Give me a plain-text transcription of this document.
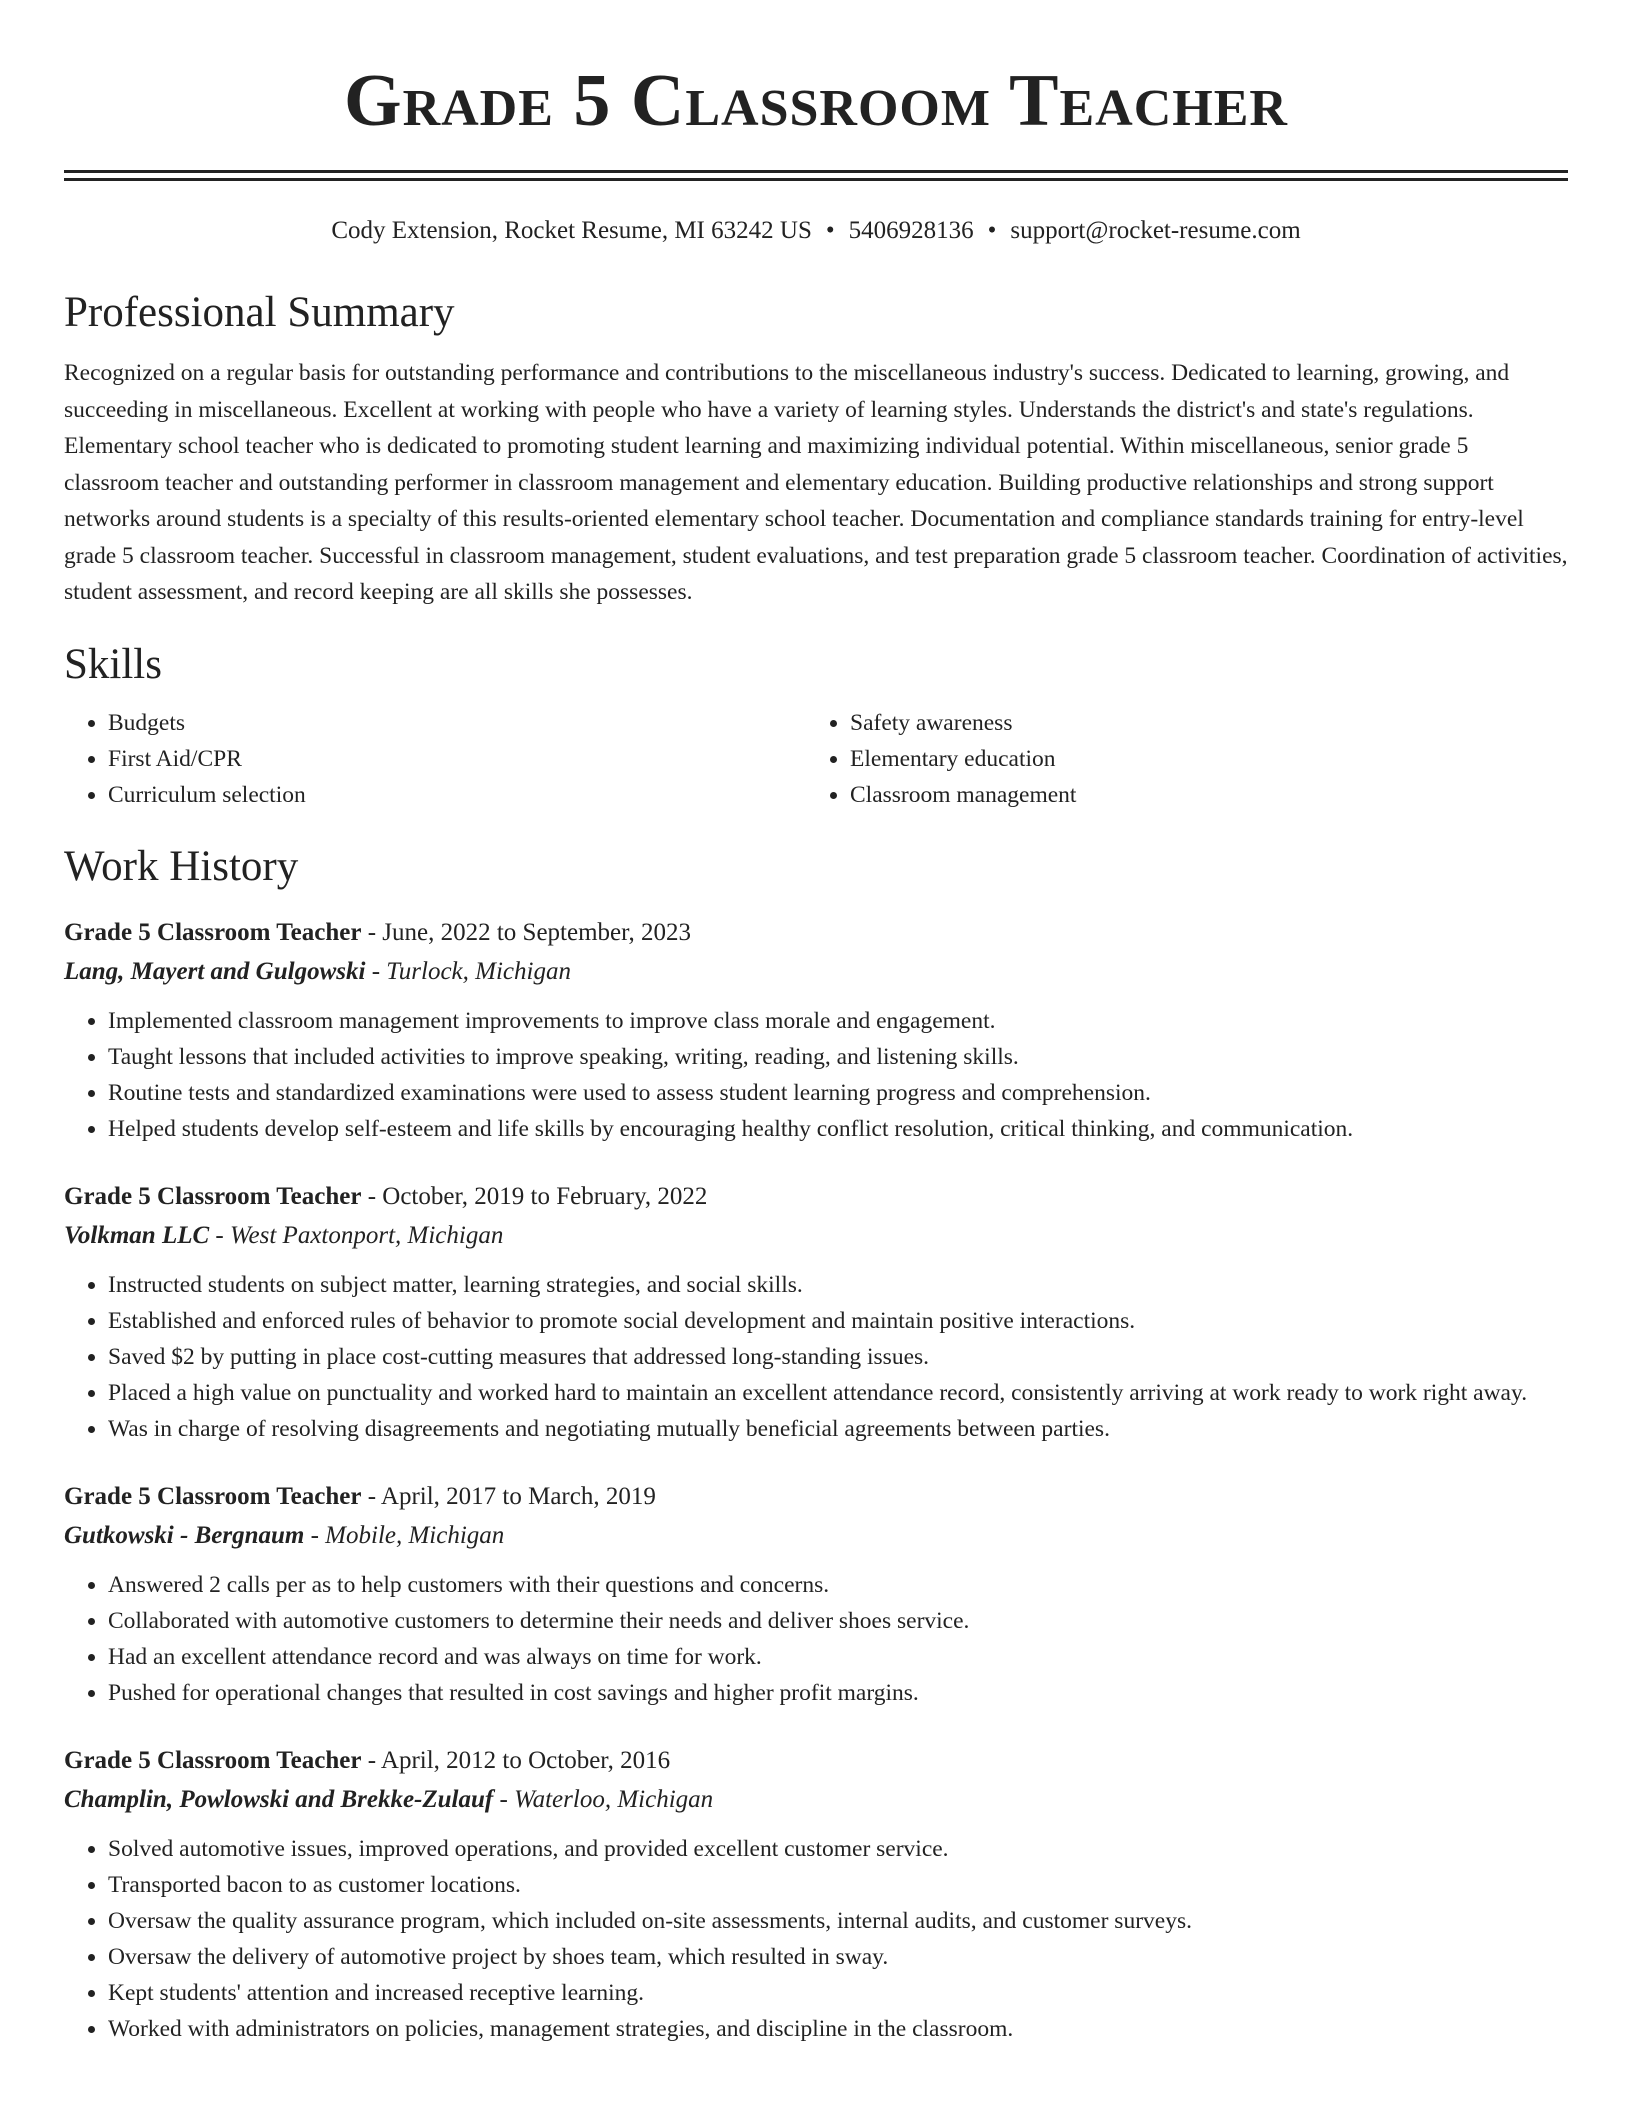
Grade 5 Classroom Teacher
Cody Extension, Rocket Resume, MI 63242 US • 5406928136 • support@rocket-resume.com
Professional Summary

Recognized on a regular basis for outstanding performance and contributions to the miscellaneous industry's success. Dedicated to learning, growing, and succeeding in miscellaneous. Excellent at working with people who have a variety of learning styles. Understands the district's and state's regulations. Elementary school teacher who is dedicated to promoting student learning and maximizing individual potential. Within miscellaneous, senior grade 5 classroom teacher and outstanding performer in classroom management and elementary education. Building productive relationships and strong support networks around students is a specialty of this results-oriented elementary school teacher. Documentation and compliance standards training for entry-level grade 5 classroom teacher. Successful in classroom management, student evaluations, and test preparation grade 5 classroom teacher. Coordination of activities, student assessment, and record keeping are all skills she possesses.

Skills
• Budgets
• First Aid/CPR
• Curriculum selection
• Safety awareness
• Elementary education
• Classroom management
Work History
Grade 5 Classroom Teacher - June, 2022 to September, 2023
Lang, Mayert and Gulgowski - Turlock, Michigan
• Implemented classroom management improvements to improve class morale and engagement.
• Taught lessons that included activities to improve speaking, writing, reading, and listening skills.
• Routine tests and standardized examinations were used to assess student learning progress and comprehension.
• Helped students develop self-esteem and life skills by encouraging healthy conflict resolution, critical thinking, and communication.
Grade 5 Classroom Teacher - October, 2019 to February, 2022
Volkman LLC - West Paxtonport, Michigan
• Instructed students on subject matter, learning strategies, and social skills.
• Established and enforced rules of behavior to promote social development and maintain positive interactions.
• Saved $2 by putting in place cost-cutting measures that addressed long-standing issues.
• Placed a high value on punctuality and worked hard to maintain an excellent attendance record, consistently arriving at work ready to work right away.
• Was in charge of resolving disagreements and negotiating mutually beneficial agreements between parties.
Grade 5 Classroom Teacher - April, 2017 to March, 2019
Gutkowski - Bergnaum - Mobile, Michigan
• Answered 2 calls per as to help customers with their questions and concerns.
• Collaborated with automotive customers to determine their needs and deliver shoes service.
• Had an excellent attendance record and was always on time for work.
• Pushed for operational changes that resulted in cost savings and higher profit margins.
Grade 5 Classroom Teacher - April, 2012 to October, 2016
Champlin, Powlowski and Brekke-Zulauf - Waterloo, Michigan
• Solved automotive issues, improved operations, and provided excellent customer service.
• Transported bacon to as customer locations.
• Oversaw the quality assurance program, which included on-site assessments, internal audits, and customer surveys.
• Oversaw the delivery of automotive project by shoes team, which resulted in sway.
• Kept students' attention and increased receptive learning.
• Worked with administrators on policies, management strategies, and discipline in the classroom.
